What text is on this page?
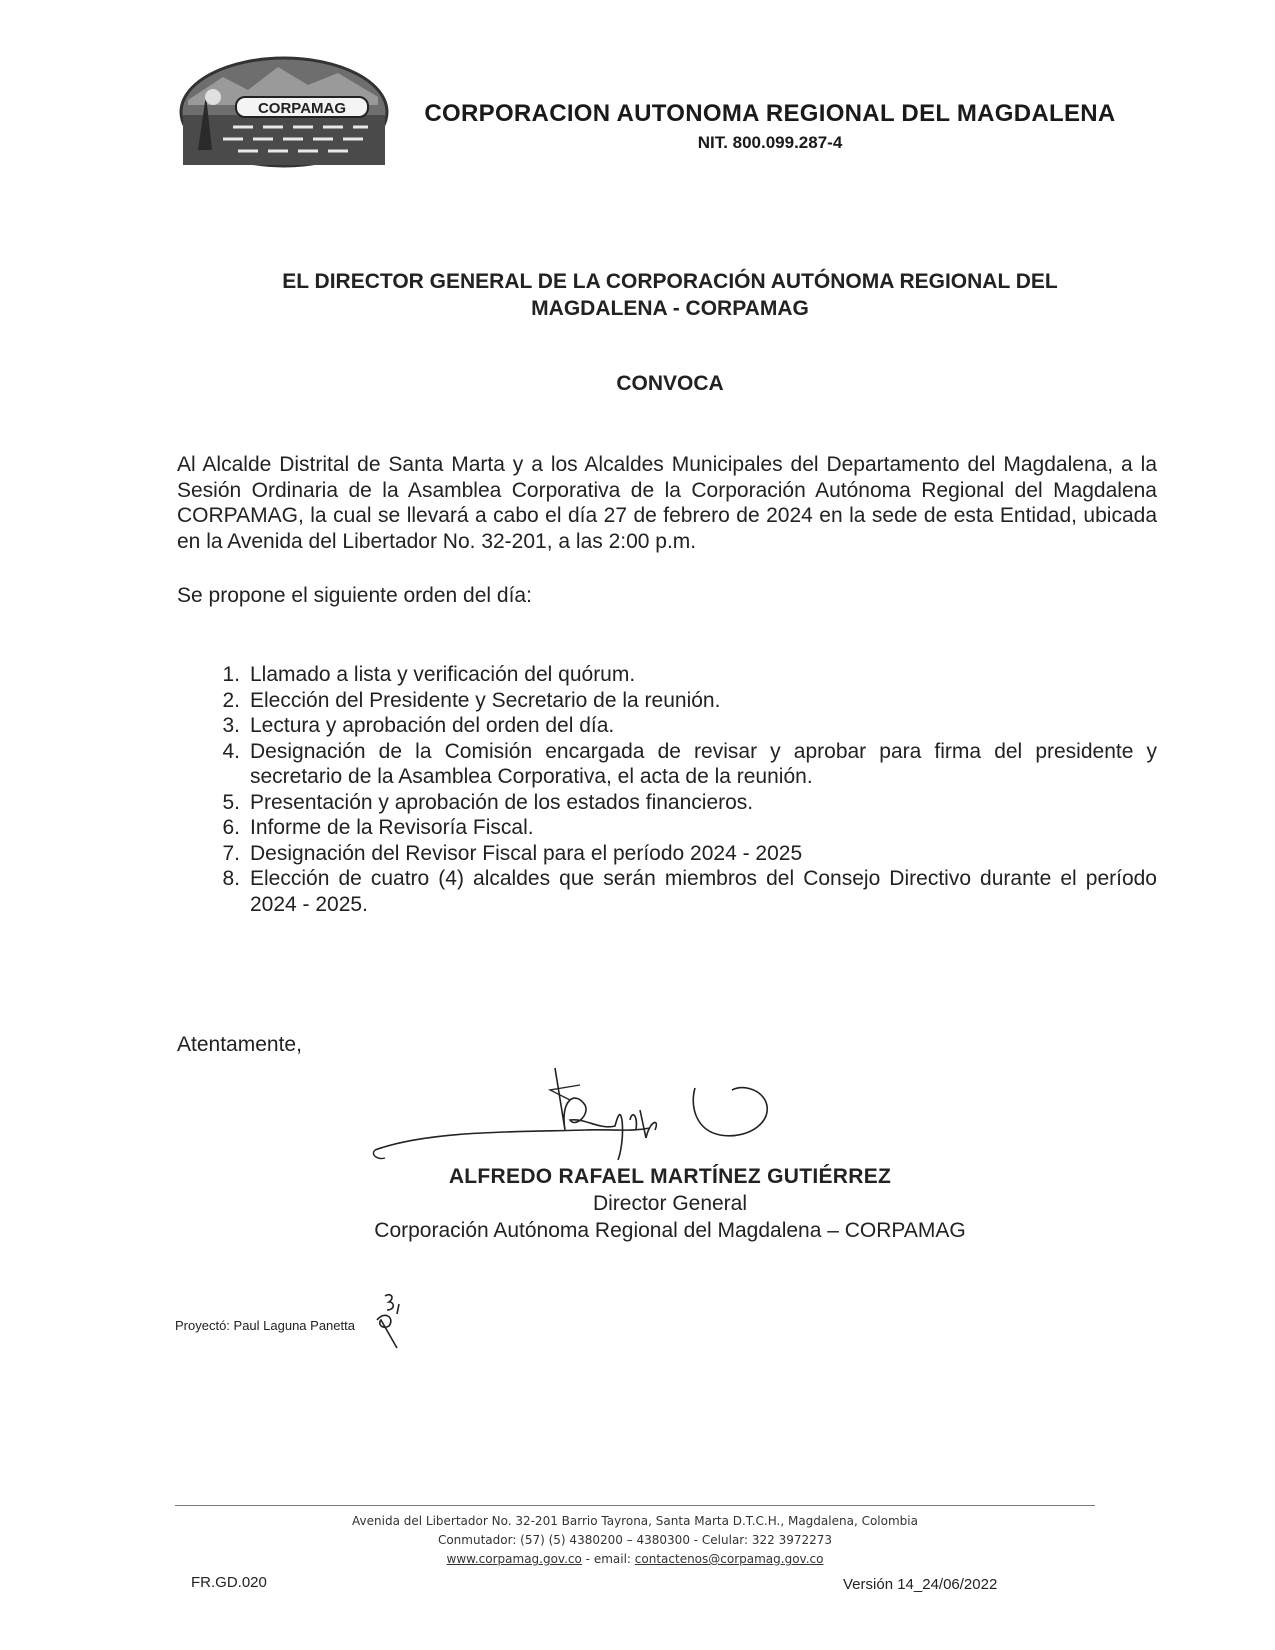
CORPAMAG	CORPORACION AUTONOMA REGIONAL DEL MAGDALENA
NIT. 800.099.287-4
EL DIRECTOR GENERAL DE LA CORPORACIÓN AUTÓNOMA REGIONAL DEL
MAGDALENA - CORPAMAG
CONVOCA
Al Alcalde Distrital de Santa Marta y a los Alcaldes Municipales del Departamento del Magdalena, a la Sesión Ordinaria de la Asamblea Corporativa de la Corporación Autónoma Regional del Magdalena CORPAMAG, la cual se llevará a cabo el día 27 de febrero de 2024 en la sede de esta Entidad, ubicada en la Avenida del Libertador No. 32-201, a las 2:00 p.m.
Se propone el siguiente orden del día:
1. Llamado a lista y verificación del quórum.
2. Elección del Presidente y Secretario de la reunión.
3. Lectura y aprobación del orden del día.
4. Designación de la Comisión encargada de revisar y aprobar para firma del presidente y secretario de la Asamblea Corporativa, el acta de la reunión.
5. Presentación y aprobación de los estados financieros.
6. Informe de la Revisoría Fiscal.
7. Designación del Revisor Fiscal para el período 2024 - 2025
8. Elección de cuatro (4) alcaldes que serán miembros del Consejo Directivo durante el período 2024 - 2025.
Atentamente,
ALFREDO RAFAEL MARTÍNEZ GUTIÉRREZ
Director General
Corporación Autónoma Regional del Magdalena – CORPAMAG
Proyectó: Paul Laguna Panetta
Avenida del Libertador No. 32-201 Barrio Tayrona, Santa Marta D.T.C.H., Magdalena, Colombia
Conmutador: (57) (5) 4380200 – 4380300 - Celular: 322 3972273
www.corpamag.gov.co - email: contactenos@corpamag.gov.co
FR.GD.020	Versión 14_24/06/2022
